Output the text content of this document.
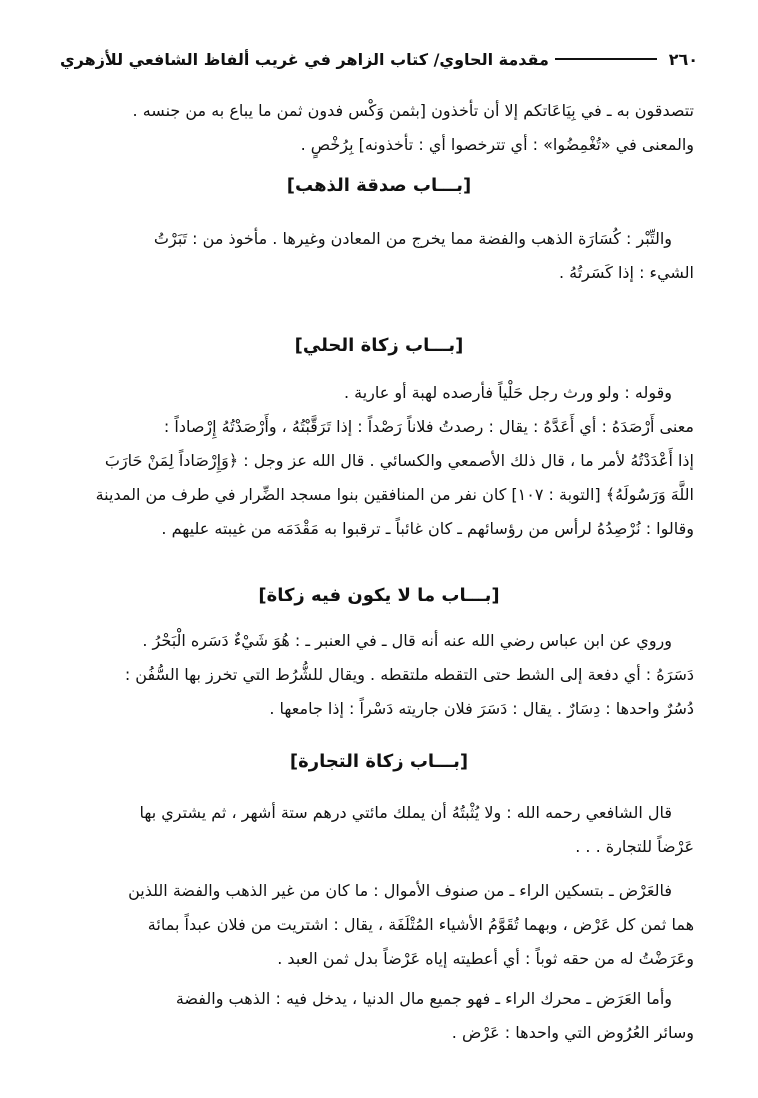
٢٦٠
مقدمة الحاوي/ كتاب الزاهر في غريب ألفاظ الشافعي للأزهري
تتصدقون به ـ في بِيَاعَاتكم إلا أن تأخذون [بثمن وَكْس فدون ثمن ما يباع به من جنسه .
والمعنى في «تُغْمِضُوا» : أي تترخصوا أي : تأخذونه] بِرُخْصٍ .
[بـــاب صدقة الذهب]
والتِّبْر : كُسَارَة الذهب والفضة مما يخرج من المعادن وغيرها . مأخوذ من : تَبَرْتُ
الشيء : إذا كَسَرتُهُ .
[بـــاب زكاة الحلي]
وقوله : ولو ورث رجل حَلْياً فأرصده لهبة أو عارية .
معنى أَرْصَدَهُ : أي أَعَدَّهُ : يقال : رصدتُ فلاناً رَصْداً : إذا تَرَقَّبْتُهُ ، وأَرْصَدْتُهُ إِرْصاداً :
إذا أَعْدَدْتُهُ لأمر ما ، قال ذلك الأصمعي والكسائي . قال الله عز وجل : ﴿وَإِرْصَاداً لِمَنْ حَارَبَ
اللَّهَ وَرَسُولَهُ﴾ [التوبة : ١٠٧] كان نفر من المنافقين بنوا مسجد الضِّرار في طرف من المدينة
وقالوا : نُرْصِدُهُ لرأس من رؤسائهم ـ كان غائباً ـ ترقبوا به مَقْدَمَه من غيبته عليهم .
[بـــاب ما لا يكون فيه زكاة]
وروي عن ابن عباس رضي الله عنه أنه قال ـ في العنبر ـ : هُوَ شَيْءٌ دَسَره الْبَحْرُ .
دَسَرَهُ : أي دفعة إلى الشط حتى التقطه ملتقطه . ويقال للشُّرُط التي تخرز بها السُّفُن :
دُسُرٌ واحدها : دِسَارٌ . يقال : دَسَرَ فلان جاريته دَسْراً : إذا جامعها .
[بـــاب زكاة التجارة]
قال الشافعي رحمه الله : ولا يُثْبتُهُ أن يملك مائتي درهم ستة أشهر ، ثم يشتري بها
عَرْضاً للتجارة . . .
فالعَرْض ـ بتسكين الراء ـ من صنوف الأموال : ما كان من غير الذهب والفضة اللذين
هما ثمن كل عَرْض ، وبهما تُقَوَّمُ الأشياء المُتْلَفَة ، يقال : اشتريت من فلان عبداً بمائة
وعَرَضْتُ له من حقه ثوباً : أي أعطيته إياه عَرْضاً بدل ثمن العبد .
وأما العَرَض ـ محرك الراء ـ فهو جميع مال الدنيا ، يدخل فيه : الذهب والفضة
وسائر العُرُوض التي واحدها : عَرْض .
